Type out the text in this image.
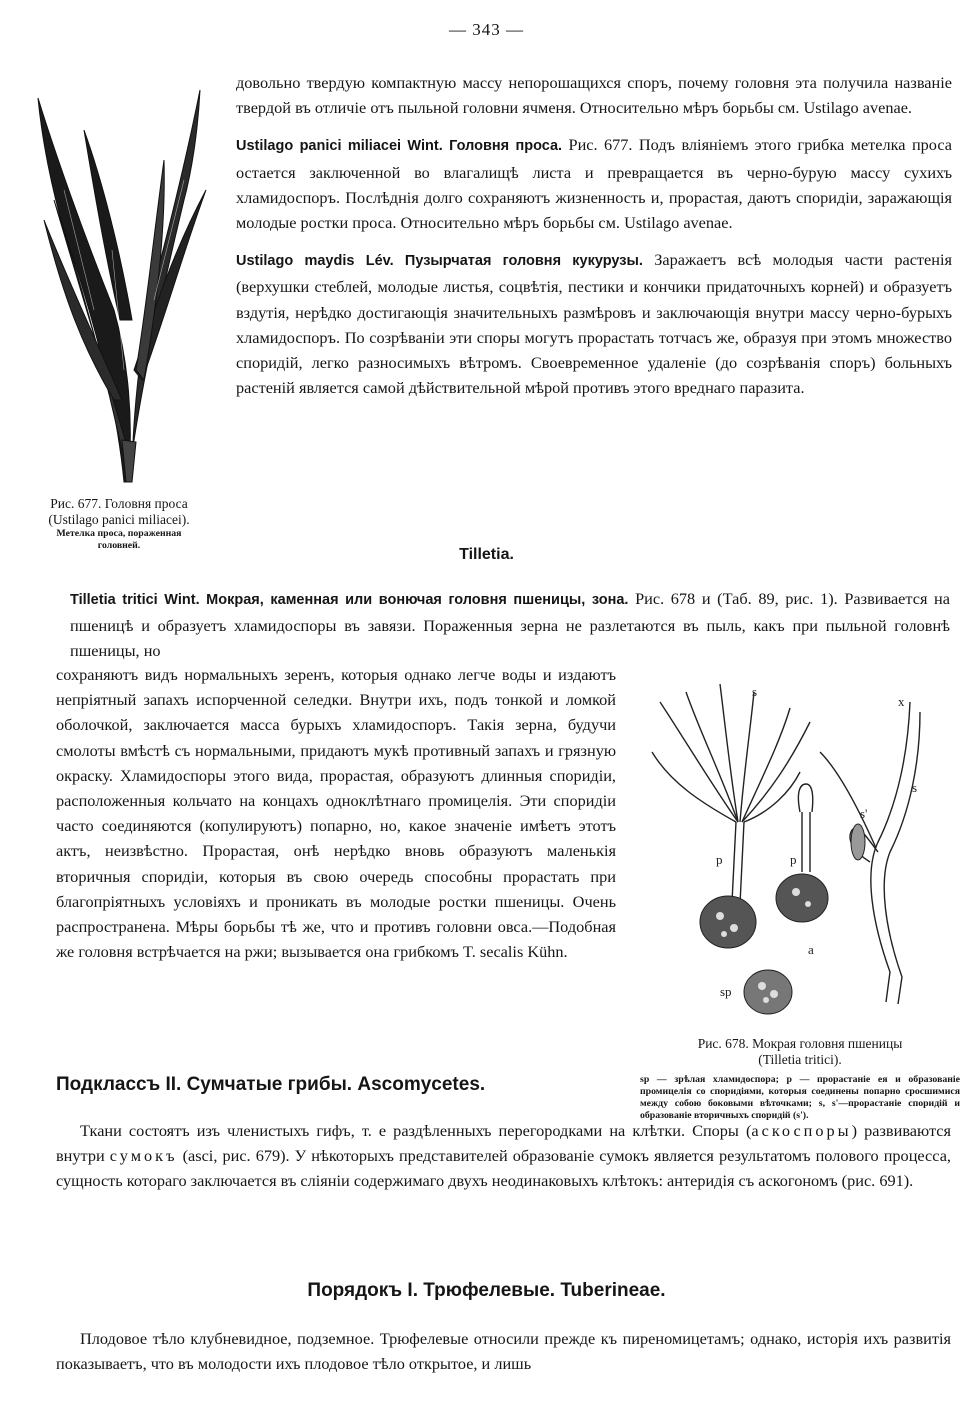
— 343 —
Рис. 677. Головня проса
(Ustilago panici miliacei).
Метелка проса, пораженная
головней.

довольно твердую компактную массу непорошащихся споръ, почему головня эта получила названіе твердой въ отличіе отъ пыльной головни ячменя. Относительно мѣръ борьбы см. Ustilago avenae.

Ustilago panici miliacei Wint. Головня проса. Рис. 677. Подъ вліяніемъ этого грибка метелка проса остается заключенной во влагалищѣ листа и превращается въ черно-бурую массу сухихъ хламидоспоръ. Послѣднія долго сохраняютъ жизненность и, прорастая, даютъ споридіи, заражающія молодые ростки проса. Относительно мѣръ борьбы см. Ustilago avenae.

Ustilago maydis Lév. Пузырчатая головня кукурузы. Заражаетъ всѣ молодыя части растенія (верхушки стеблей, молодые листья, соцвѣтія, пестики и кончики придаточныхъ корней) и образуетъ вздутія, нерѣдко достигающія значительныхъ размѣровъ и заключающія внутри массу черно-бурыхъ хламидоспоръ. По созрѣваніи эти споры могутъ прорастать тотчасъ же, образуя при этомъ множество споридій, легко разносимыхъ вѣтромъ. Своевременное удаленіе (до созрѣванія споръ) больныхъ растеній является самой дѣйствительной мѣрой противъ этого вреднаго паразита.

Tilletia.
Tilletia tritici Wint. Мокрая, каменная или вонючая головня пшеницы, зона. Рис. 678 и (Таб. 89, рис. 1). Развивается на пшеницѣ и образуетъ хламидоспоры въ завязи. Пораженныя зерна не разлетаются въ пыль, какъ при пыльной головнѣ пшеницы, но
сохраняютъ видъ нормальныхъ зеренъ, которыя однако легче воды и издаютъ непріятный запахъ испорченной селедки. Внутри ихъ, подъ тонкой и ломкой оболочкой, заключается масса бурыхъ хламидоспоръ. Такія зерна, будучи смолоты вмѣстѣ съ нормальными, придаютъ мукѣ противный запахъ и грязную окраску. Хламидоспоры этого вида, прорастая, образуютъ длинныя споридіи, расположенныя кольчато на концахъ одноклѣтнаго промицелія. Эти споридіи часто соединяются (копулируютъ) попарно, но, какое значеніе имѣетъ этотъ актъ, неизвѣстно. Прорастая, онѣ нерѣдко вновь образуютъ маленькія вторичныя споридіи, которыя въ свою очередь способны прорастать при благопріятныхъ условіяхъ и проникать въ молодые ростки пшеницы. Очень распространена. Мѣры борьбы тѣ же, что и противъ головни овса.—Подобная же головня встрѣчается на ржи; вызывается она грибкомъ T. secalis Kühn.
s
x
s
s'
p	p
a
sp
Рис. 678. Мокрая головня пшеницы
(Tilletia tritici).
sp — зрѣлая хламидоспора; p — прорастаніе ея и образованіе промицелія со споридіями, которыя соединены попарно сросшимися между собою боковыми вѣточками; s, s'—прорастаніе споридій и образованіе вторичныхъ споридій (s').
Подклассъ II. Сумчатые грибы. Ascomycetes.
Ткани состоятъ изъ членистыхъ гифъ, т. е раздѣленныхъ перегородками на клѣтки. Споры (аскоспоры) развиваются внутри сумокъ (asci, рис. 679). У нѣкоторыхъ представителей образованіе сумокъ является результатомъ полового процесса, сущность котораго заключается въ сліяніи содержимаго двухъ неодинаковыхъ клѣтокъ: антеридія съ аскогономъ (рис. 691).
Порядокъ I. Трюфелевые. Tuberineae.
Плодовое тѣло клубневидное, подземное. Трюфелевые относили прежде къ пиреномицетамъ; однако, исторія ихъ развитія показываетъ, что въ молодости ихъ плодовое тѣло открытое, и лишь
